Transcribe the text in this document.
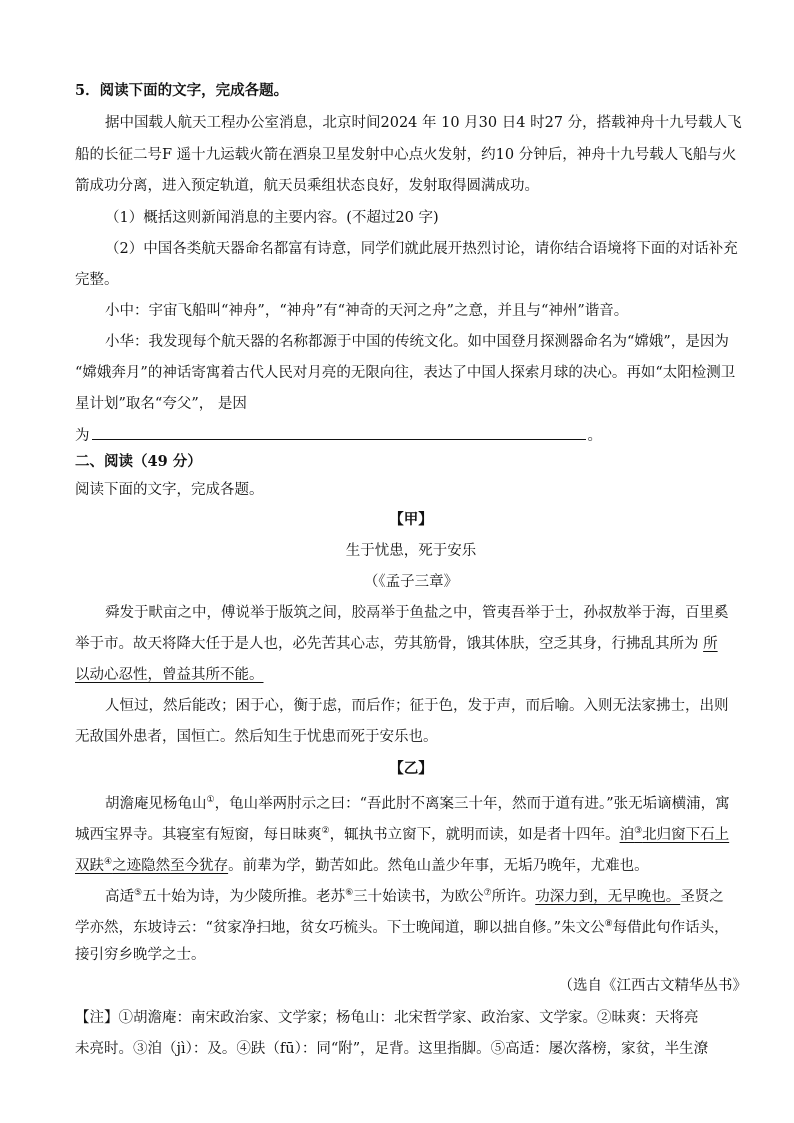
5．阅读下面的文字，完成各题。
据中国载人航天工程办公室消息，北京时间2024 年 10 月30 日4 时27 分，搭载神舟十九号载人飞
船的长征二号F 遥十九运载火箭在酒泉卫星发射中心点火发射，约10 分钟后，神舟十九号载人飞船与火
箭成功分离，进入预定轨道，航天员乘组状态良好，发射取得圆满成功。
（1）概括这则新闻消息的主要内容。(不超过20 字)
（2）中国各类航天器命名都富有诗意，同学们就此展开热烈讨论，请你结合语境将下面的对话补充
完整。
小中：宇宙飞船叫“神舟”，“神舟”有“神奇的天河之舟”之意，并且与“神州”谐音。
小华：我发现每个航天器的名称都源于中国的传统文化。如中国登月探测器命名为“嫦娥”，是因为
“嫦娥奔月”的神话寄寓着古代人民对月亮的无限向往，表达了中国人探索月球的决心。再如“太阳检测卫
星计划”取名“夸父”， 是因
为	。
二、阅读（49 分）
阅读下面的文字，完成各题。
【甲】
生于忧患，死于安乐
（《孟子三章》
舜发于畎亩之中，傅说举于版筑之间，胶鬲举于鱼盐之中，管夷吾举于士，孙叔敖举于海，百里奚
举于市。故天将降大任于是人也，必先苦其心志，劳其筋骨，饿其体肤，空乏其身，行拂乱其所为 所
以动心忍性，曾益其所不能。
人恒过，然后能改；困于心，衡于虑，而后作；征于色，发于声，而后喻。入则无法家拂士，出则
无敌国外患者，国恒亡。然后知生于忧患而死于安乐也。
【乙】
胡澹庵见杨龟山①，龟山举两肘示之曰：“吾此肘不离案三十年，然而于道有进。”张无垢谪横浦，寓
城西宝界寺。其寝室有短窗，每日昧爽②，辄执书立窗下，就明而读，如是者十四年。洎③北归窗下石上
双趺④之迹隐然至今犹存。前辈为学，勤苦如此。然龟山盖少年事，无垢乃晚年，尤难也。
高适⑤五十始为诗，为少陵所推。老苏⑥三十始读书，为欧公⑦所许。功深力到，无早晚也。圣贤之
学亦然，东坡诗云：“贫家净扫地，贫女巧梳头。下士晚闻道，聊以拙自修。”朱文公⑧每借此句作话头，
接引穷乡晚学之士。
（选自《江西古文精华丛书》
【注】①胡澹庵：南宋政治家、文学家；杨龟山：北宋哲学家、政治家、文学家。②昧爽：天将亮
未亮时。③洎（jì）：及。④趺（fū）：同“附”，足背。这里指脚。⑤高适：屡次落榜，家贫，半生潦
